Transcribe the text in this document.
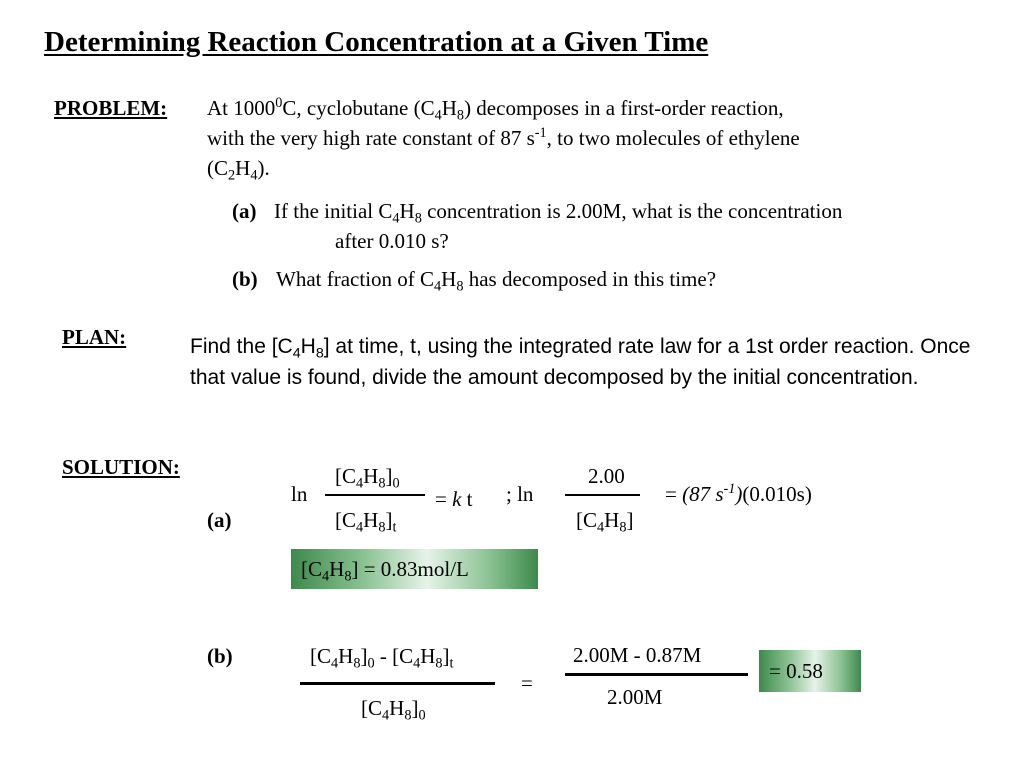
Determining Reaction Concentration at a Given Time
PROBLEM: At 1000$^0$C, cyclobutane $(C_4H_8)$ decomposes in a first-order reaction,
with the very high rate constant of 87 $s^{-1}$, to two molecules of ethylene
$(C_2H_4)$.
(a) If the initial $C_4H_8$ concentration is 2.00M, what is the concentration
after 0.010 s?
(b) What fraction of $C_4H_8$ has decomposed in this time?
PLAN:	Find the $[C_4H_8]$ at time, t, using the integrated rate law for a 1st order reaction. Once that value is found, divide the amount decomposed by the initial concentration.
SOLUTION:
(a)
ln
$[C_4H_8]_0$
$[C_4H_8]_t$
= k t ; ln
2.00
$[C_4H_8]$
= (87 $s^{-1})(0.010s)$
$[C_4H_8] = 0.83mol/L$
(b)	$[C_4H_8]_0 - [C_4H_8]_t$
$[C_4H_8]_0$
=
2.00M - 0.87M
2.00M
= 0.58
